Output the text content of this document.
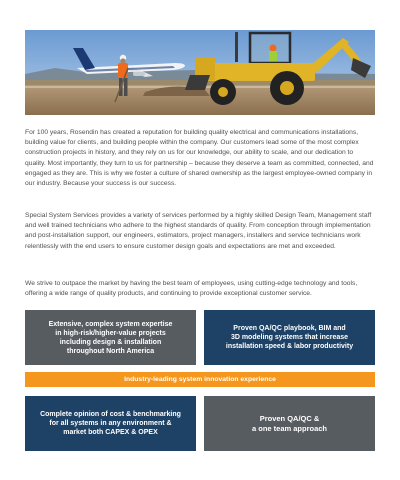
For 100 years, Rosendin has created a reputation for building quality electrical and communications installations, building value for clients, and building people within the company. Our customers lead some of the most complex construction projects in history, and they rely on us for our knowledge, our ability to scale, and our dedication to quality. Most importantly, they turn to us for partnership – because they deserve a team as committed, connected, and engaged as they are. This is why we foster a culture of shared ownership as the largest employee-owned company in our industry. Because your success is our success.

Special System Services provides a variety of services performed by a highly skilled Design Team, Management staff and well trained technicians who adhere to the highest standards of quality. From conception through implementation and post-installation support, our engineers, estimators, project managers, installers and service technicians work relentlessly with the end users to ensure customer design goals and expectations are met and exceeded.

We strive to outpace the market by having the best team of employees, using cutting-edge technology and tools, offering a wide range of quality products, and continuing to provide exceptional customer service.

Extensive, complex system expertise
in high-risk/higher-value projects
including design & installation
throughout North America
Proven QA/QC playbook, BIM and
3D modeling systems that increase
installation speed & labor productivity
Industry-leading system innovation experience
Complete opinion of cost & benchmarking
for all systems in any environment &
market both CAPEX & OPEX
Proven QA/QC &
a one team approach
